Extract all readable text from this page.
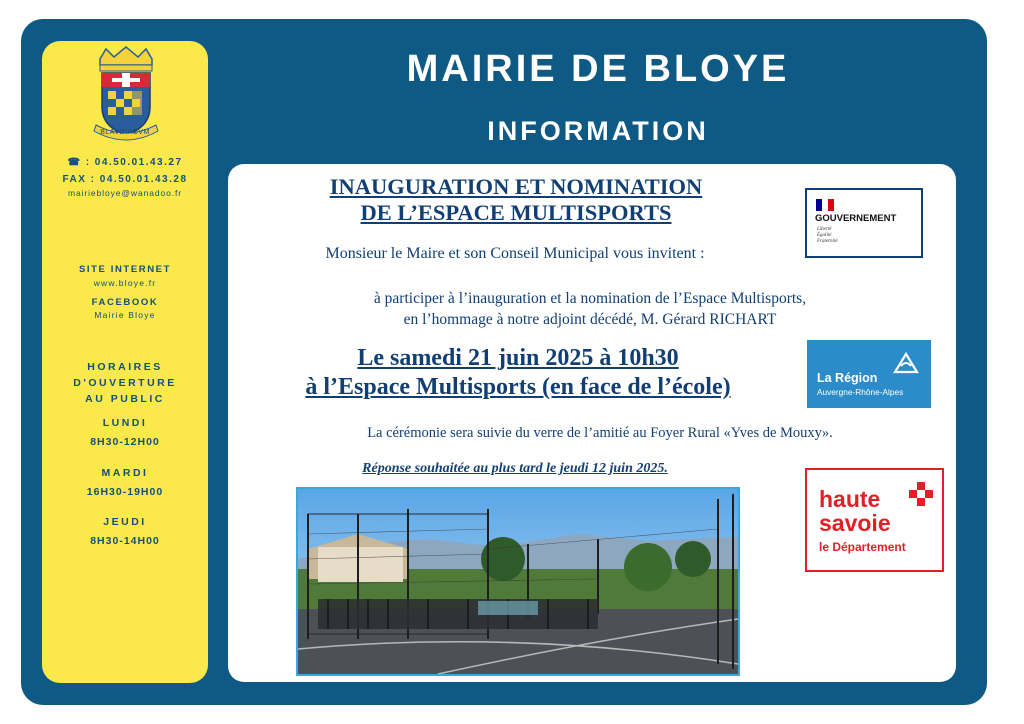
BLAVDIACVM
☎ : 04.50.01.43.27
FAX : 04.50.01.43.28
mairiebloye@wanadoo.fr
SITE INTERNET
www.bloye.fr
FACEBOOK
Mairie Bloye
HORAIRES
D'OUVERTURE
AU PUBLIC
LUNDI
8H30-12H00
MARDI
16H30-19H00
JEUDI
8H30-14H00
MAIRIE DE BLOYE
INFORMATION
INAUGURATION ET NOMINATION
DE L’ESPACE MULTISPORTS
Monsieur le Maire et son Conseil Municipal vous invitent :
à participer à l’inauguration et la nomination de l’Espace Multisports,
en l’hommage à notre adjoint décédé, M. Gérard RICHART
Le samedi 21 juin 2025 à 10h30
à l’Espace Multisports (en face de l’école)
La cérémonie sera suivie du verre de l’amitié au Foyer Rural «Yves de Mouxy».
Réponse souhaitée au plus tard le jeudi 12 juin 2025.
GOUVERNEMENT
Liberté
Égalité
Fraternité
La Région
Auvergne-Rhône-Alpes
haute
savoie
le Département
